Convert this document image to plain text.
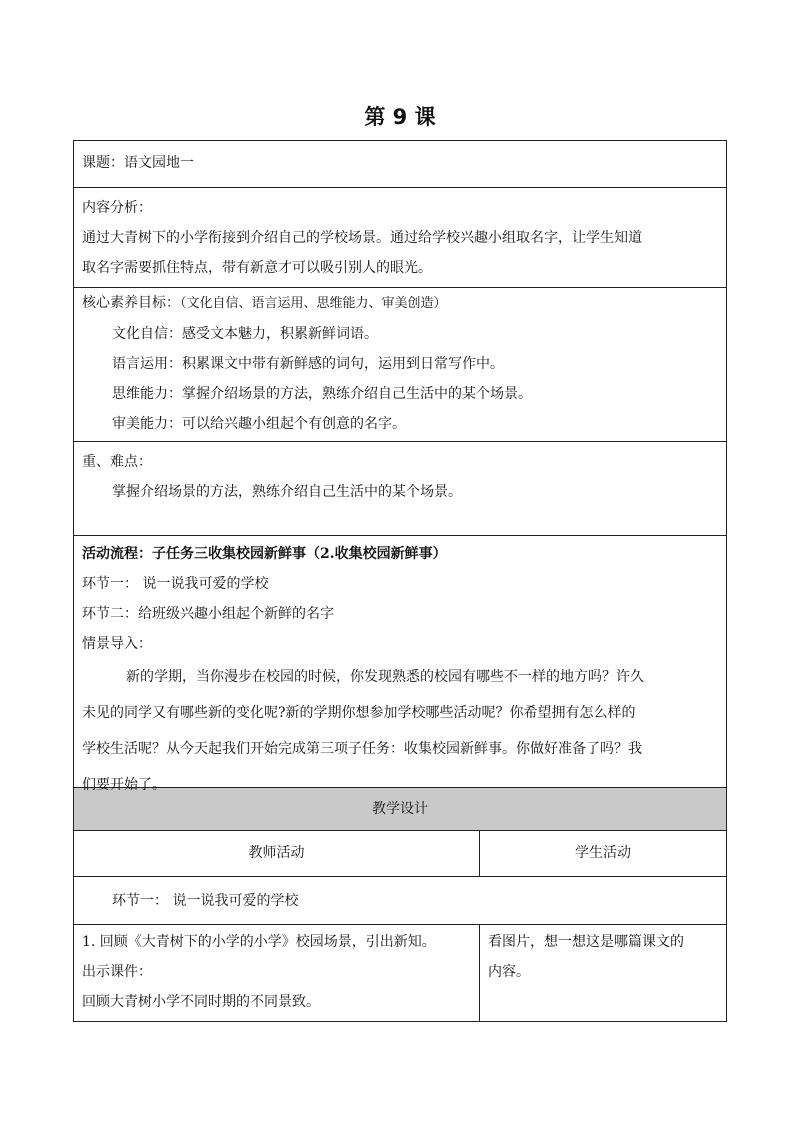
第 9 课
课题：语文园地一
内容分析：
通过大青树下的小学衔接到介绍自己的学校场景。通过给学校兴趣小组取名字，让学生知道
取名字需要抓住特点，带有新意才可以吸引别人的眼光。
核心素养目标：（文化自信、语言运用、思维能力、审美创造）
文化自信：感受文本魅力，积累新鲜词语。
语言运用：积累课文中带有新鲜感的词句，运用到日常写作中。
思维能力：掌握介绍场景的方法，熟练介绍自己生活中的某个场景。
审美能力：可以给兴趣小组起个有创意的名字。
重、难点：
掌握介绍场景的方法，熟练介绍自己生活中的某个场景。
活动流程：子任务三收集校园新鲜事（2.收集校园新鲜事）
环节一： 说一说我可爱的学校
环节二：给班级兴趣小组起个新鲜的名字
情景导入：
新的学期，当你漫步在校园的时候，你发现熟悉的校园有哪些不一样的地方吗？许久
未见的同学又有哪些新的变化呢?新的学期你想参加学校哪些活动呢？你希望拥有怎么样的
学校生活呢？从今天起我们开始完成第三项子任务：收集校园新鲜事。你做好准备了吗？我
们要开始了。
教学设计
教师活动	学生活动
环节一： 说一说我可爱的学校
1. 回顾《大青树下的小学的小学》校园场景，引出新知。
出示课件：
回顾大青树小学不同时期的不同景致。
看图片，想一想这是哪篇课文的
内容。
